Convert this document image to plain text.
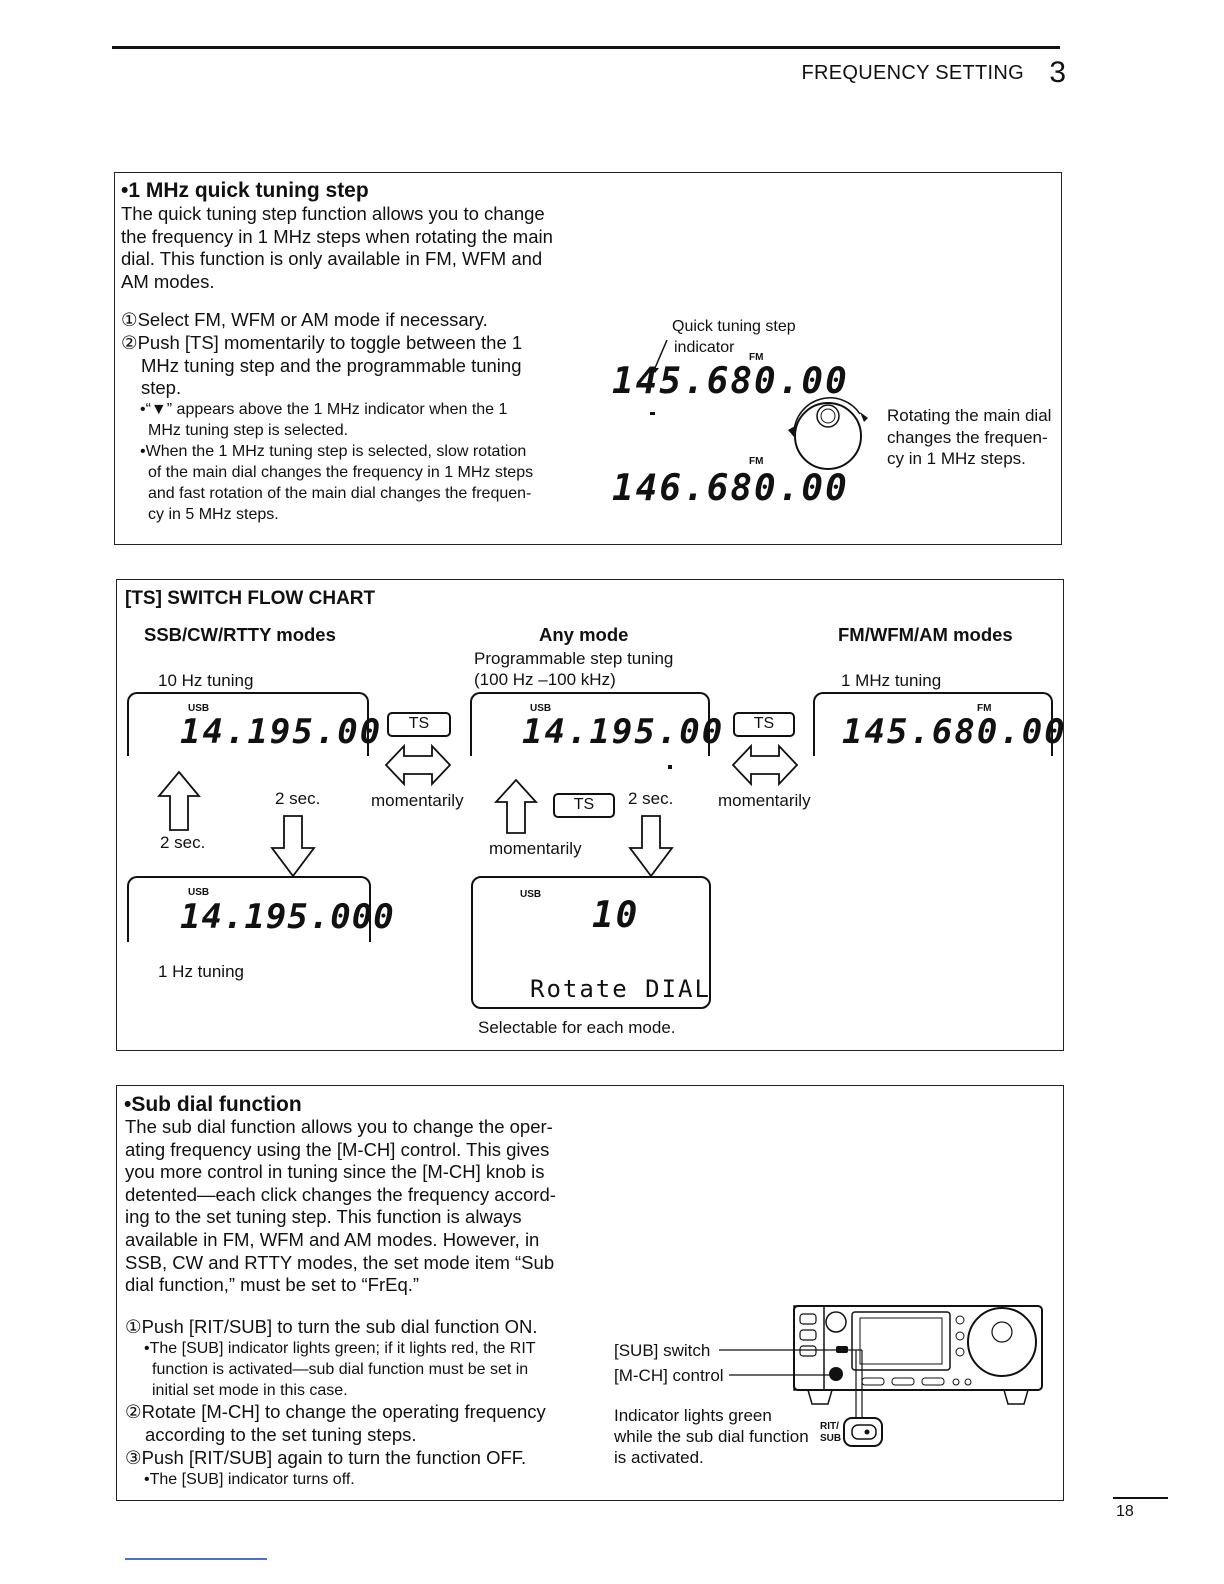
FREQUENCY SETTING 3
•1 MHz quick tuning step
The quick tuning step function allows you to change
the frequency in 1 MHz steps when rotating the main
dial. This function is only available in FM, WFM and
AM modes.
①Select FM, WFM or AM mode if necessary.
②Push [TS] momentarily to toggle between the 1
MHz tuning step and the programmable tuning
step.
•“▼” appears above the 1 MHz indicator when the 1
MHz tuning step is selected.
•When the 1 MHz tuning step is selected, slow rotation
of the main dial changes the frequency in 1 MHz steps
and fast rotation of the main dial changes the frequen-
cy in 5 MHz steps.
Quick tuning step
indicator
FM
145.680.00
FM
146.680.00
Rotating the main dial
changes the frequen-
cy in 1 MHz steps.
[TS] SWITCH FLOW CHART
SSB/CW/RTTY modes	Any mode	FM/WFM/AM modes
10 Hz tuning
Programmable step tuning
(100 Hz –100 kHz)	1 MHz tuning
USB
14.195.00	TS
momentarily
USB
14.195.00	TS
momentarily
FM
145.680.00
2 sec.
2 sec.
TS	2 sec.
momentarily
USB
14.195.000
1 Hz tuning
USB
10
Rotate DIAL
Selectable for each mode.
•Sub dial function
The sub dial function allows you to change the oper-
ating frequency using the [M-CH] control. This gives
you more control in tuning since the [M-CH] knob is
detented—each click changes the frequency accord-
ing to the set tuning step. This function is always
available in FM, WFM and AM modes. However, in
SSB, CW and RTTY modes, the set mode item “Sub
dial function,” must be set to “FrEq.”
①Push [RIT/SUB] to turn the sub dial function ON.
•The [SUB] indicator lights green; if it lights red, the RIT
function is activated—sub dial function must be set in
initial set mode in this case.
②Rotate [M-CH] to change the operating frequency
according to the set tuning steps.
③Push [RIT/SUB] again to turn the function OFF.
•The [SUB] indicator turns off.
[SUB] switch
[M-CH] control
Indicator lights green
while the sub dial function
is activated.
RIT/
SUB
18
